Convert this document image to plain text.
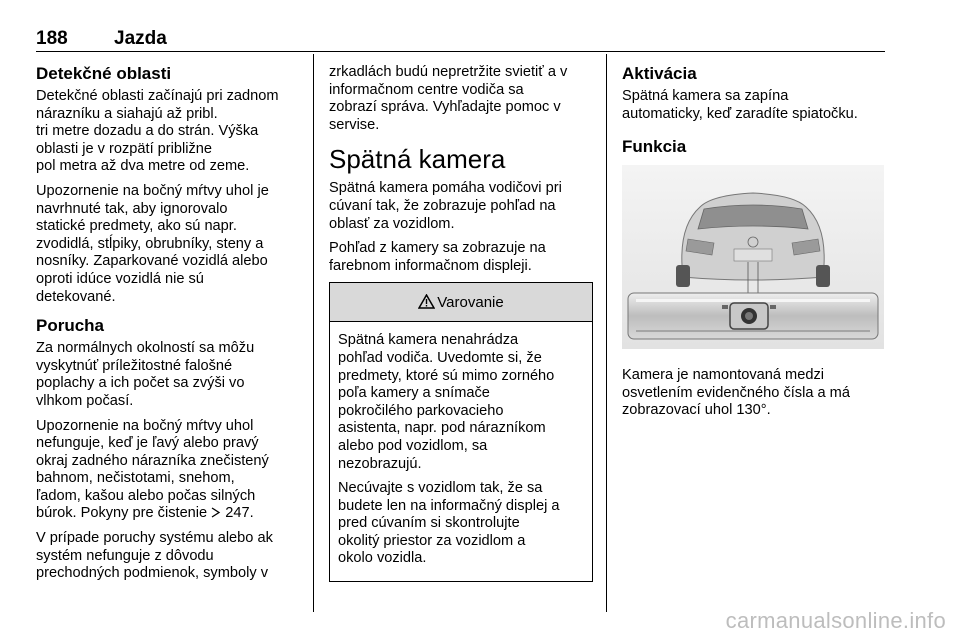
188 Jazda
Detekčné oblasti

Detekčné oblasti začínajú pri zadnom
nárazníku a siahajú až pribl.
tri metre dozadu a do strán. Výška
oblasti je v rozpätí približne
pol metra až dva metre od zeme.

Upozornenie na bočný mŕtvy uhol je
navrhnuté tak, aby ignorovalo
statické predmety, ako sú napr.
zvodidlá, stĺpiky, obrubníky, steny a
nosníky. Zaparkované vozidlá alebo
oproti idúce vozidlá nie sú
detekované.

Porucha

Za normálnych okolností sa môžu
vyskytnúť príležitostné falošné
poplachy a ich počet sa zvýši vo
vlhkom počasí.

Upozornenie na bočný mŕtvy uhol
nefunguje, keď je ľavý alebo pravý
okraj zadného nárazníka znečistený
bahnom, nečistotami, snehom,
ľadom, kašou alebo počas silných
búrok. Pokyny pre čistenie  247.

V prípade poruchy systému alebo ak
systém nefunguje z dôvodu
prechodných podmienok, symboly v

zrkadlách budú nepretržite svietiť a v
informačnom centre vodiča sa
zobrazí správa. Vyhľadajte pomoc v
servise.

Spätná kamera

Spätná kamera pomáha vodičovi pri
cúvaní tak, že zobrazuje pohľad na
oblasť za vozidlom.

Pohľad z kamery sa zobrazuje na
farebnom informačnom displeji.

Varovanie

Spätná kamera nenahrádza
pohľad vodiča. Uvedomte si, že
predmety, ktoré sú mimo zorného
poľa kamery a snímače
pokročilého parkovacieho
asistenta, napr. pod nárazníkom
alebo pod vozidlom, sa
nezobrazujú.

Necúvajte s vozidlom tak, že sa
budete len na informačný displej a
pred cúvaním si skontrolujte
okolitý priestor za vozidlom a
okolo vozidla.

Aktivácia

Spätná kamera sa zapína
automaticky, keď zaradíte spiatočku.

Funkcia

Kamera je namontovaná medzi
osvetlením evidenčného čísla a má
zobrazovací uhol 130°.

carmanualsonline.info
